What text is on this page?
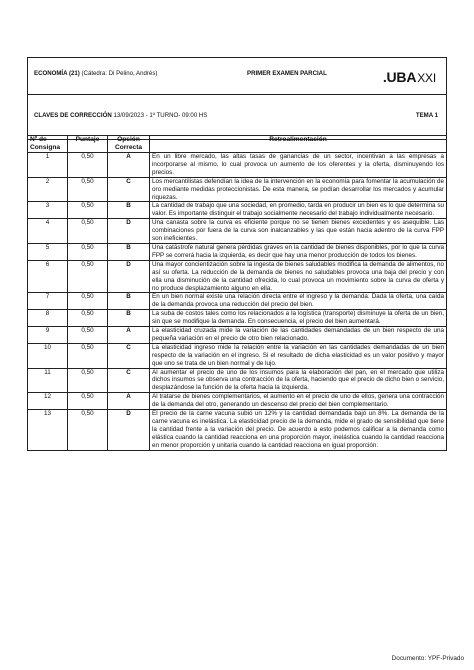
ECONOMÍA (21) (Cátedra: Di Pelino, Andrés)	PRIMER EXAMEN PARCIAL	.UBAXXI
CLAVES DE CORRECCIÓN 13/09/2023 - 1º TURNO- 09:00 HS	TEMA 1
Nº de Consigna	Puntaje	Opción Correcta	Retroalimentación
1	0,50	A	En un libre mercado, las altas tasas de ganancias de un sector, incentivan a las empresas a incorporarse al mismo, lo cual provoca un aumento de los oferentes y la oferta, disminuyendo los precios.
2	0,50	C	Los mercantilistas defendían la idea de la intervención en la economía para fomentar la acumulación de oro mediante medidas proteccionistas. De esta manera, se podían desarrollar los mercados y acumular riquezas.
3	0,50	B	La cantidad de trabajo que una sociedad, en promedio, tarda en producir un bien es lo que determina su valor. Es importante distinguir el trabajo socialmente necesario del trabajo individualmente necesario.
4	0,50	D	Una canasta sobre la curva es eficiente porque no se tienen bienes excedentes y es asequible. Las combinaciones por fuera de la curva son inalcanzables y las que están hacia adentro de la curva FPP son ineficientes.
5	0,50	B	Una catástrofe natural genera pérdidas graves en la cantidad de bienes disponibles, por lo que la curva FPP se correrá hacia la izquierda, es decir que hay una menor producción de todos los bienes.
6	0,50	D	Una mayor concientización sobre la ingesta de bienes saludables modifica la demanda de alimentos, no así su oferta. La reducción de la demanda de bienes no saludables provoca una baja del precio y con ella una disminución de la cantidad ofrecida, lo cual provoca un movimiento sobre la curva de oferta y no produce desplazamiento alguno en ella.
7	0,50	B	En un bien normal existe una relación directa entre el ingreso y la demanda. Dada la oferta, una caída de la demanda provoca una reducción del precio del bien.
8	0,50	B	La suba de costos tales como los relacionados a la logística (transporte) disminuye la oferta de un bien, sin que se modifique la demanda. En consecuencia, el precio del bien aumentará.
9	0,50	A	La elasticidad cruzada mide la variación de las cantidades demandadas de un bien respecto de una pequeña variación en el precio de otro bien relacionado.
10	0,50	C	La elasticidad ingreso mide la relación entre la variación en las cantidades demandadas de un bien respecto de la variación en el ingreso. Si el resultado de dicha elasticidad es un valor positivo y mayor que uno se trata de un bien normal y de lujo.
11	0,50	C	Al aumentar el precio de uno de los insumos para la elaboración del pan, en el mercado que utiliza dichos insumos se observa una contracción de la oferta, haciendo que el precio de dicho bien o servicio, desplazándose la función de la oferta hacia la izquierda.
12	0,50	A	Al tratarse de bienes complementarios, el aumento en el precio de uno de ellos, genera una contracción de la demanda del otro, generando un descenso del precio del bien complementario.
13	0,50	D	El precio de la carne vacuna subió un 12% y la cantidad demandada bajó un 8%. La demanda de la carne vacuna es inelástica. La elasticidad precio de la demanda, mide el grado de sensibilidad que tiene la cantidad frente a la variación del precio. De acuerdo a esto podemos calificar a la demanda como elástica cuando la cantidad reacciona en una proporción mayor, inelástica cuando la cantidad reacciona en menor proporción y unitaria cuando la cantidad reacciona en igual proporción.
Documento: YPF-Privado
